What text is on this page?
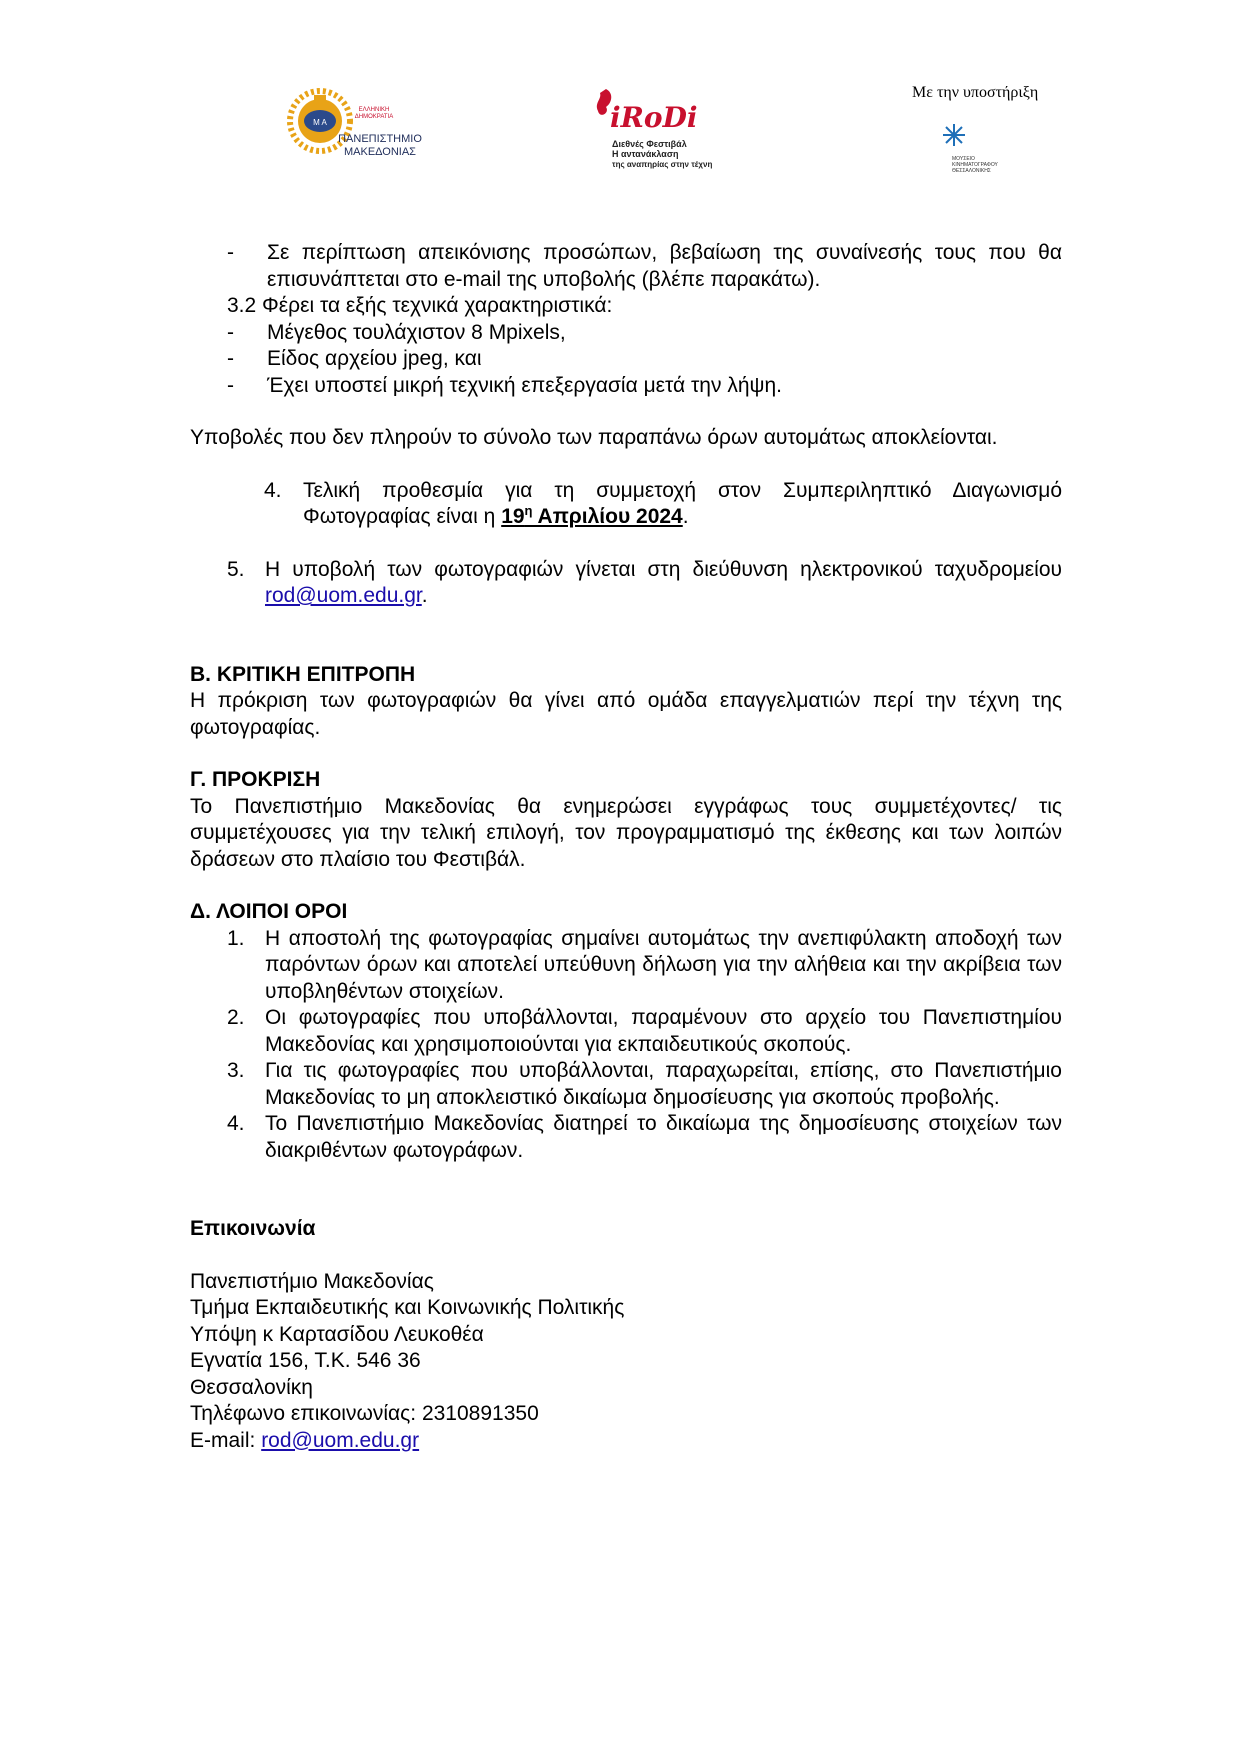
Μ Α
ΕΛΛΗΝΙΚΗ
ΔΗΜΟΚΡΑΤΙΑ
ΠΑΝΕΠΙΣΤΗΜΙΟ
ΜΑΚΕΔΟΝΙΑΣ
iRoDi
Διεθνές Φεστιβάλ
Η αντανάκλαση
της αναπηρίας στην τέχνη
Με την υποστήριξη
ΜΟΥΣΕΙΟ
ΚΙΝΗΜΑΤΟΓΡΑΦΟΥ
ΘΕΣΣΑΛΟΝΙΚΗΣ
-	Σε περίπτωση απεικόνισης προσώπων, βεβαίωση της συναίνεσής τους που θα επισυνάπτεται στο e-mail της υποβολής (βλέπε παρακάτω).

3.2 Φέρει τα εξής τεχνικά χαρακτηριστικά:

-	Μέγεθος τουλάχιστον 8 Mpixels,
-	Είδος αρχείου jpeg, και
-	Έχει υποστεί μικρή τεχνική επεξεργασία μετά την λήψη.

Υποβολές που δεν πληρούν το σύνολο των παραπάνω όρων αυτομάτως αποκλείονται.

4.	Τελική προθεσμία για τη συμμετοχή στον Συμπεριληπτικό Διαγωνισμό Φωτογραφίας είναι η $19^\eta$ Απριλίου 2024.
5. Η υποβολή των φωτογραφιών γίνεται στη διεύθυνση ηλεκτρονικού ταχυδρομείου rod@uom.edu.gr.
Β. ΚΡΙΤΙΚΗ ΕΠΙΤΡΟΠΗ

Η πρόκριση των φωτογραφιών θα γίνει από ομάδα επαγγελματιών περί την τέχνη της φωτογραφίας.

Γ. ΠΡΟΚΡΙΣΗ

Το Πανεπιστήμιο Μακεδονίας θα ενημερώσει εγγράφως τους συμμετέχοντες/ τις συμμετέχουσες για την τελική επιλογή, τον προγραμματισμό της έκθεσης και των λοιπών δράσεων στο πλαίσιο του Φεστιβάλ.

Δ. ΛΟΙΠΟΙ ΟΡΟΙ
1. Η αποστολή της φωτογραφίας σημαίνει αυτομάτως την ανεπιφύλακτη αποδοχή των παρόντων όρων και αποτελεί υπεύθυνη δήλωση για την αλήθεια και την ακρίβεια των υποβληθέντων στοιχείων.
2. Οι φωτογραφίες που υποβάλλονται, παραμένουν στο αρχείο του Πανεπιστημίου Μακεδονίας και χρησιμοποιούνται για εκπαιδευτικούς σκοπούς.
3. Για τις φωτογραφίες που υποβάλλονται, παραχωρείται, επίσης, στο Πανεπιστήμιο Μακεδονίας το μη αποκλειστικό δικαίωμα δημοσίευσης για σκοπούς προβολής.
4. Το Πανεπιστήμιο Μακεδονίας διατηρεί το δικαίωμα της δημοσίευσης στοιχείων των διακριθέντων φωτογράφων.
Επικοινωνία

Πανεπιστήμιο Μακεδονίας

Τμήμα Εκπαιδευτικής και Κοινωνικής Πολιτικής

Υπόψη κ Καρτασίδου Λευκοθέα

Εγνατία 156, Τ.Κ. 546 36

Θεσσαλονίκη

Τηλέφωνο επικοινωνίας: 2310891350

E-mail: rod@uom.edu.gr
